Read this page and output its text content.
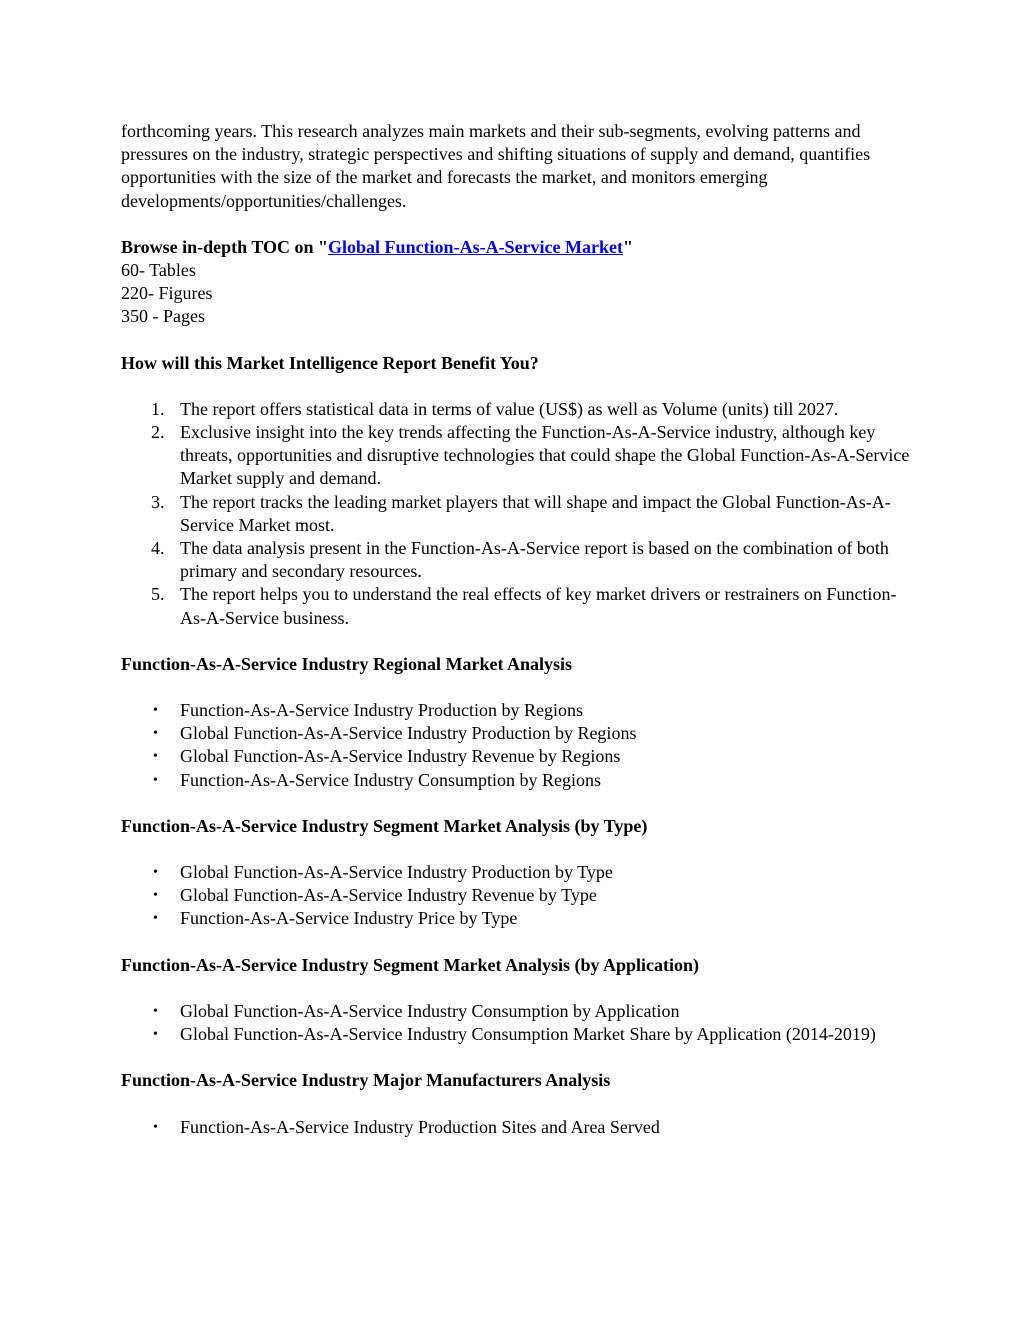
forthcoming years. This research analyzes main markets and their sub-segments, evolving patterns and pressures on the industry, strategic perspectives and shifting situations of supply and demand, quantifies opportunities with the size of the market and forecasts the market, and monitors emerging developments/opportunities/challenges.

Browse in-depth TOC on "Global Function-As-A-Service Market"
60- Tables
220- Figures
350 - Pages

How will this Market Intelligence Report Benefit You?

1. The report offers statistical data in terms of value (US$) as well as Volume (units) till 2027.
2. Exclusive insight into the key trends affecting the Function-As-A-Service industry, although key threats, opportunities and disruptive technologies that could shape the Global Function-As-A-Service Market supply and demand.
3. The report tracks the leading market players that will shape and impact the Global Function-As-A-Service Market most.
4. The data analysis present in the Function-As-A-Service report is based on the combination of both primary and secondary resources.
5. The report helps you to understand the real effects of key market drivers or restrainers on Function-As-A-Service business.

Function-As-A-Service Industry Regional Market Analysis

• Function-As-A-Service Industry Production by Regions
• Global Function-As-A-Service Industry Production by Regions
• Global Function-As-A-Service Industry Revenue by Regions
• Function-As-A-Service Industry Consumption by Regions

Function-As-A-Service Industry Segment Market Analysis (by Type)

• Global Function-As-A-Service Industry Production by Type
• Global Function-As-A-Service Industry Revenue by Type
• Function-As-A-Service Industry Price by Type

Function-As-A-Service Industry Segment Market Analysis (by Application)

• Global Function-As-A-Service Industry Consumption by Application
• Global Function-As-A-Service Industry Consumption Market Share by Application (2014-2019)

Function-As-A-Service Industry Major Manufacturers Analysis

• Function-As-A-Service Industry Production Sites and Area Served
